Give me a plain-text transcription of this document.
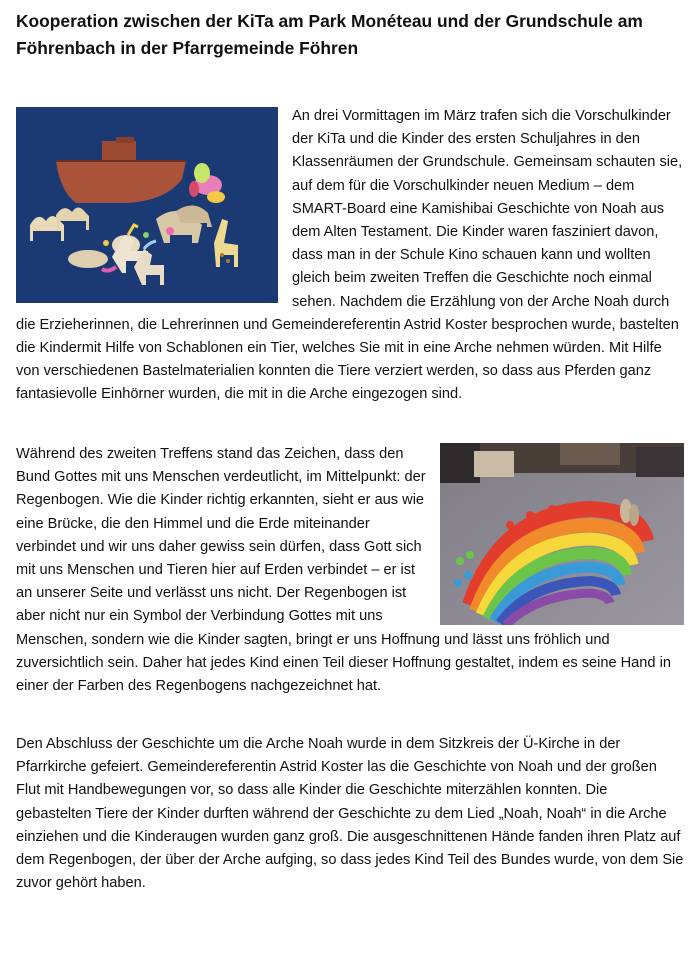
Kooperation zwischen der KiTa am Park Monéteau und der Grundschule am Föhrenbach in der Pfarrgemeinde Föhren
An drei Vormittagen im März trafen sich die Vorschulkinder der KiTa und die Kinder des ersten Schuljahres in den Klassenräumen der Grundschule. Gemeinsam schauten sie, auf dem für die Vorschulkinder neuen Medium – dem SMART-Board eine Kamishibai Geschichte von Noah aus dem Alten Testament. Die Kinder waren fasziniert davon, dass man in der Schule Kino schauen kann und wollten gleich beim zweiten Treffen die Geschichte noch einmal sehen. Nachdem die Erzählung von der Arche Noah durch die Erzieherinnen, die Lehrerinnen und Gemeindereferentin Astrid Koster besprochen wurde, bastelten die Kindermit Hilfe von Schablonen ein Tier, welches Sie mit in eine Arche nehmen würden. Mit Hilfe von verschiedenen Bastelmaterialien konnten die Tiere verziert werden, so dass aus Pferden ganz fantasievolle Einhörner wurden, die mit in die Arche eingezogen sind.
Während des zweiten Treffens stand das Zeichen, dass den Bund Gottes mit uns Menschen verdeutlicht, im Mittelpunkt: der Regenbogen. Wie die Kinder richtig erkannten, sieht er aus wie eine Brücke, die den Himmel und die Erde miteinander verbindet und wir uns daher gewiss sein dürfen, dass Gott sich mit uns Menschen und Tieren hier auf Erden verbindet – er ist an unserer Seite und verlässt uns nicht. Der Regenbogen ist aber nicht nur ein Symbol der Verbindung Gottes mit uns Menschen, sondern wie die Kinder sagten, bringt er uns Hoffnung und lässt uns fröhlich und zuversichtlich sein. Daher hat jedes Kind einen Teil dieser Hoffnung gestaltet, indem es seine Hand in einer der Farben des Regenbogens nachgezeichnet hat.
Den Abschluss der Geschichte um die Arche Noah wurde in dem Sitzkreis der Ü-Kirche in der Pfarrkirche gefeiert. Gemeindereferentin Astrid Koster las die Geschichte von Noah und der großen Flut mit Handbewegungen vor, so dass alle Kinder die Geschichte miterzählen konnten. Die gebastelten Tiere der Kinder durften während der Geschichte zu dem Lied „Noah, Noah“ in die Arche einziehen und die Kinderaugen wurden ganz groß. Die ausgeschnittenen Hände fanden ihren Platz auf dem Regenbogen, der über der Arche aufging, so dass jedes Kind Teil des Bundes wurde, von dem Sie zuvor gehört haben.
